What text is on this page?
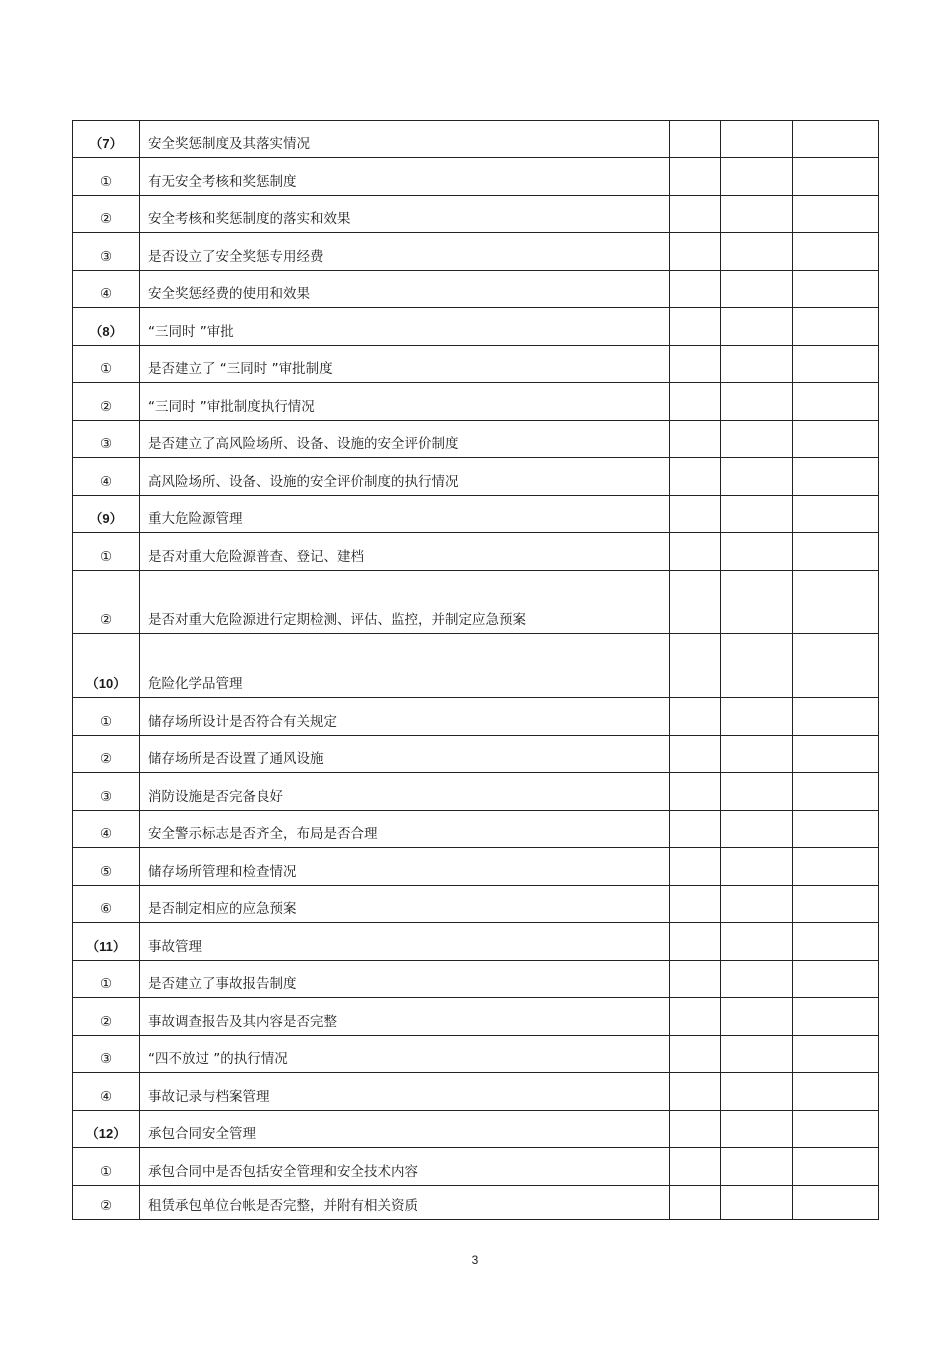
（7）	安全奖惩制度及其落实情况			
①	有无安全考核和奖惩制度			
②	安全考核和奖惩制度的落实和效果			
③	是否设立了安全奖惩专用经费			
④	安全奖惩经费的使用和效果			
（8）	“三同时 ”审批			
①	是否建立了 “三同时 ”审批制度			
②	“三同时 ”审批制度执行情况			
③	是否建立了高风险场所、设备、设施的安全评价制度			
④	高风险场所、设备、设施的安全评价制度的执行情况			
（9）	重大危险源管理			
①	是否对重大危险源普查、登记、建档			
②	是否对重大危险源进行定期检测、评估、监控，并制定应急预案			
（10）	危险化学品管理			
①	储存场所设计是否符合有关规定			
②	储存场所是否设置了通风设施			
③	消防设施是否完备良好			
④	安全警示标志是否齐全，布局是否合理			
⑤	储存场所管理和检查情况			
⑥	是否制定相应的应急预案			
（11）	事故管理			
①	是否建立了事故报告制度			
②	事故调查报告及其内容是否完整			
③	“四不放过 ”的执行情况			
④	事故记录与档案管理			
（12）	承包合同安全管理			
①	承包合同中是否包括安全管理和安全技术内容			
②	租赁承包单位台帐是否完整，并附有相关资质			
3
